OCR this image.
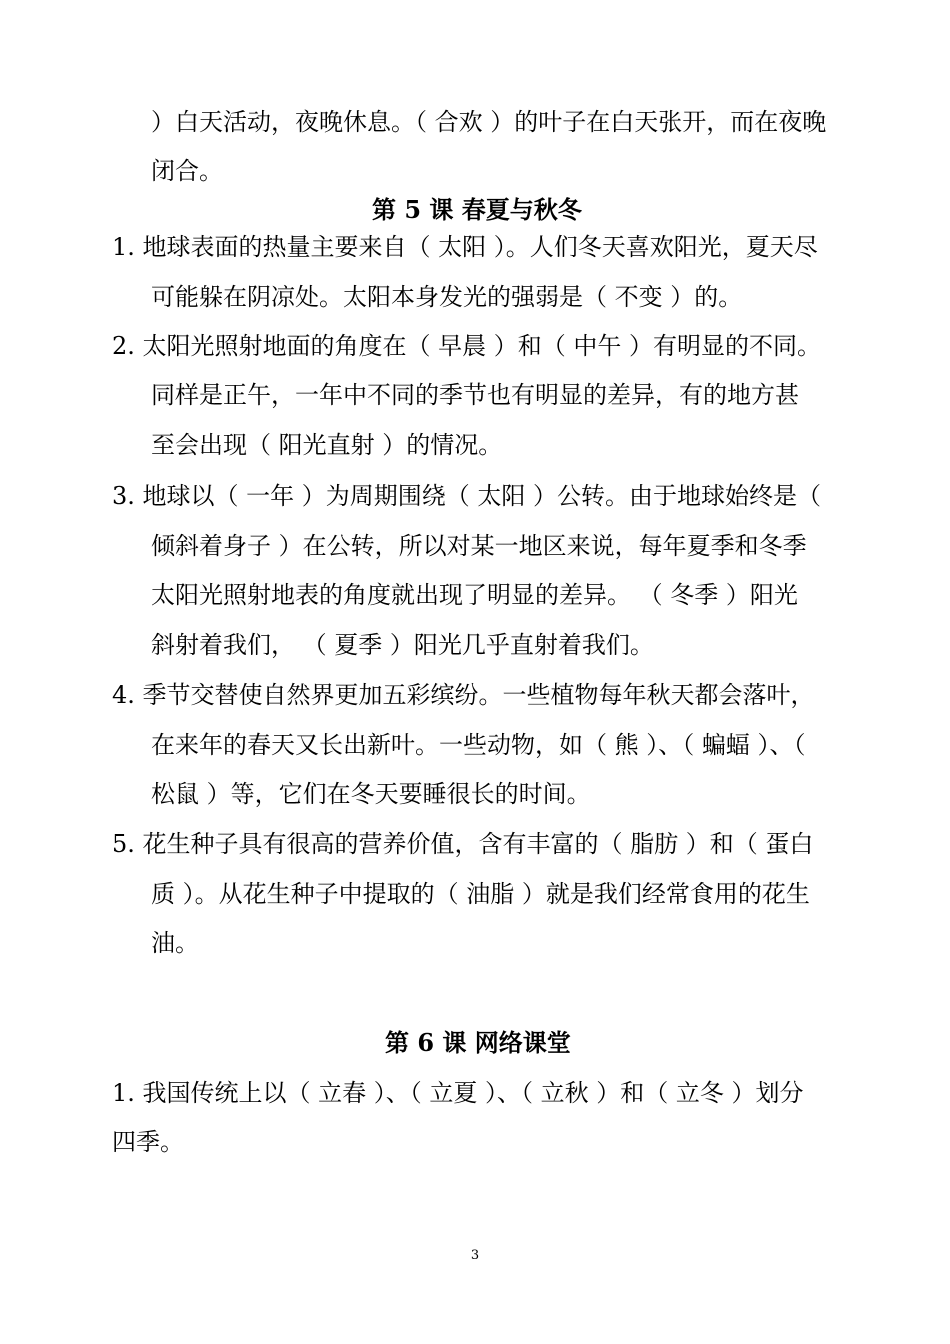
）白天活动，夜晚休息。（ 合欢 ）的叶子在白天张开，而在夜晚

闭合。

第 5 课 春夏与秋冬

1. 地球表面的热量主要来自（ 太阳 ）。人们冬天喜欢阳光，夏天尽

可能躲在阴凉处。太阳本身发光的强弱是（ 不变 ）的。

2. 太阳光照射地面的角度在（ 早晨 ）和（ 中午 ）有明显的不同。

同样是正午，一年中不同的季节也有明显的差异，有的地方甚

至会出现（ 阳光直射 ）的情况。

3. 地球以（ 一年 ）为周期围绕（ 太阳 ）公转。由于地球始终是（

倾斜着身子 ）在公转，所以对某一地区来说，每年夏季和冬季

太阳光照射地表的角度就出现了明显的差异。 （ 冬季 ）阳光

斜射着我们， （ 夏季 ）阳光几乎直射着我们。

4. 季节交替使自然界更加五彩缤纷。一些植物每年秋天都会落叶，

在来年的春天又长出新叶。一些动物，如（ 熊 ）、（ 蝙蝠 ）、（

松鼠 ）等，它们在冬天要睡很长的时间。

5. 花生种子具有很高的营养价值，含有丰富的（ 脂肪 ）和（ 蛋白

质 ）。从花生种子中提取的（ 油脂 ）就是我们经常食用的花生

油。

第 6 课 网络课堂

1. 我国传统上以（ 立春 ）、（ 立夏 ）、（ 立秋 ）和（ 立冬 ）划分

四季。

3
